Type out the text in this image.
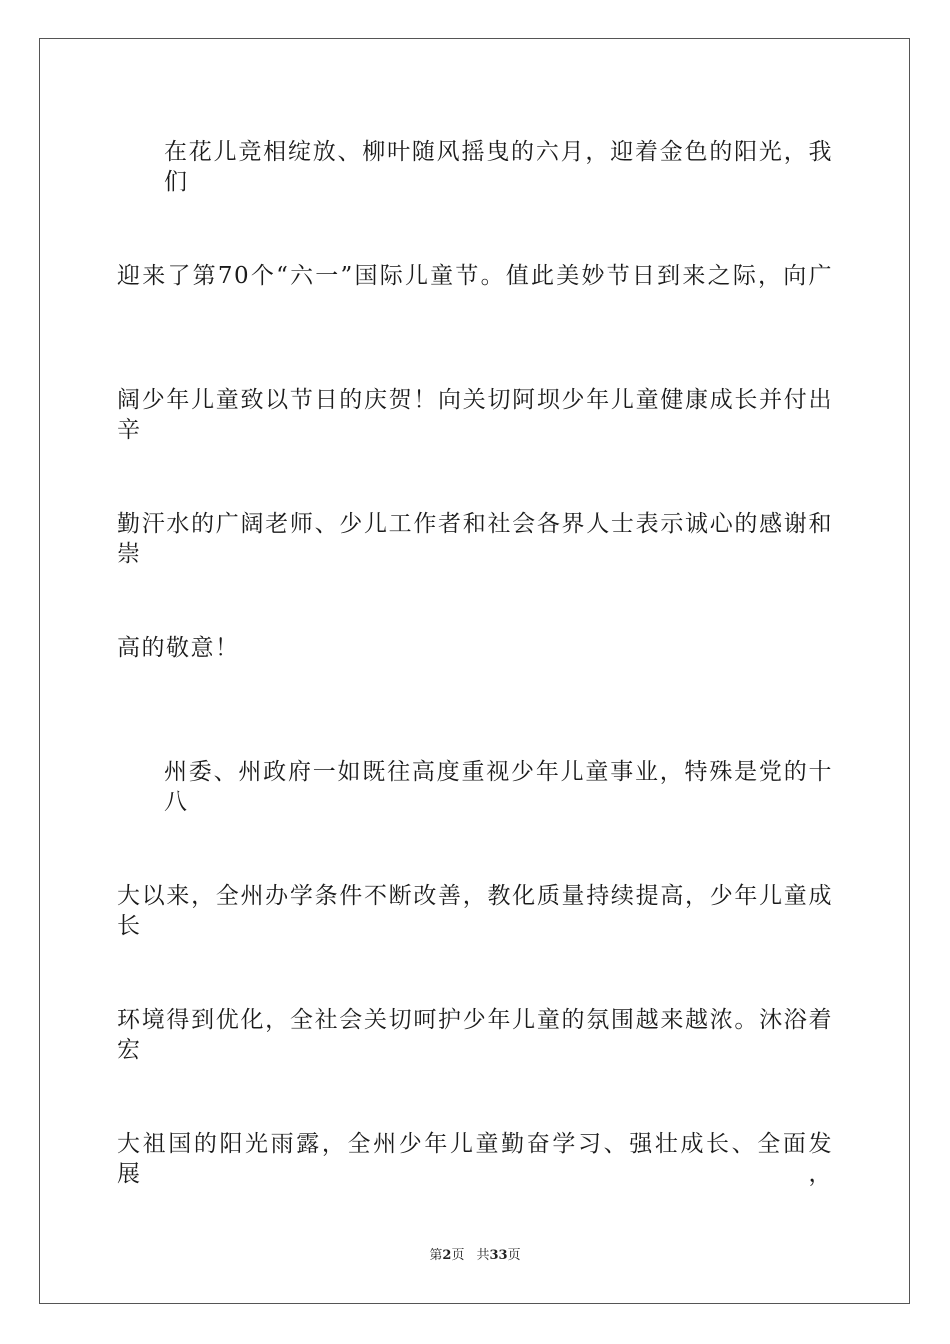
在花儿竞相绽放、柳叶随风摇曳的六月，迎着金色的阳光，我们
迎来了第70个“六一”国际儿童节。值此美妙节日到来之际，向广
阔少年儿童致以节日的庆贺！向关切阿坝少年儿童健康成长并付出辛
勤汗水的广阔老师、少儿工作者和社会各界人士表示诚心的感谢和崇
高的敬意！
州委、州政府一如既往高度重视少年儿童事业，特殊是党的十八
大以来，全州办学条件不断改善，教化质量持续提高，少年儿童成长
环境得到优化，全社会关切呵护少年儿童的氛围越来越浓。沐浴着宏
大祖国的阳光雨露，全州少年儿童勤奋学习、强壮成长、全面发展，
第2页 共33页
